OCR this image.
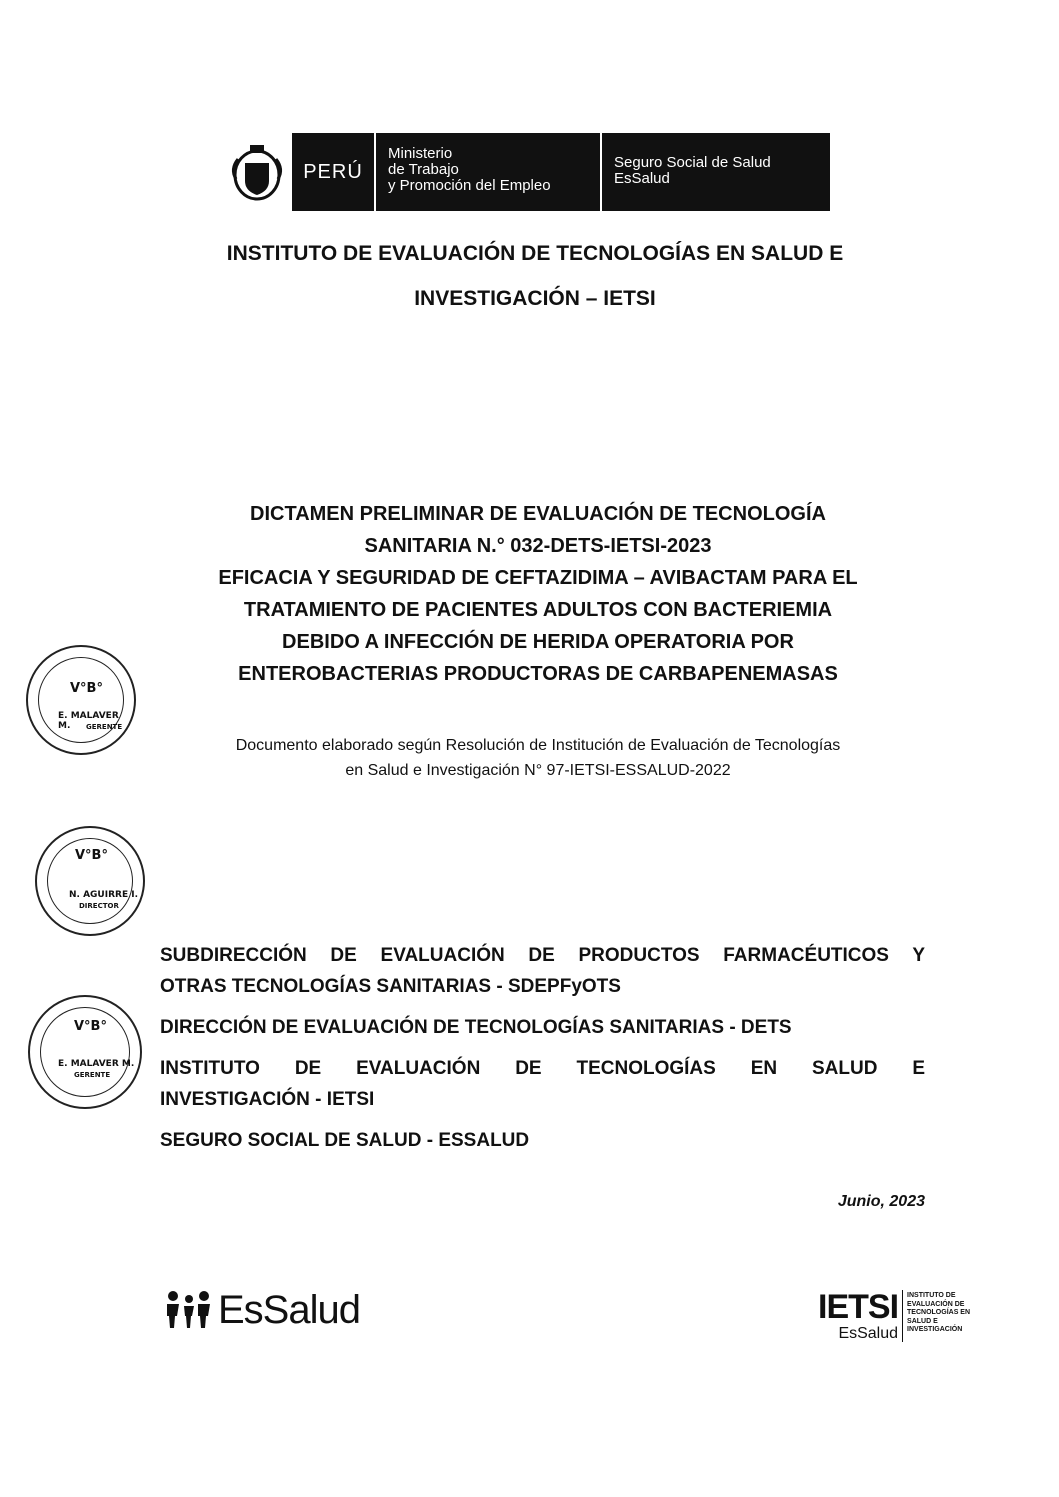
PERÚ
Ministerio
de Trabajo
y Promoción del Empleo
Seguro Social de Salud
EsSalud
INSTITUTO DE EVALUACIÓN DE TECNOLOGÍAS EN SALUD E
INVESTIGACIÓN – IETSI
DICTAMEN PRELIMINAR DE EVALUACIÓN DE TECNOLOGÍA
SANITARIA N.° 032-DETS-IETSI-2023
EFICACIA Y SEGURIDAD DE CEFTAZIDIMA – AVIBACTAM PARA EL
TRATAMIENTO DE PACIENTES ADULTOS CON BACTERIEMIA
DEBIDO A INFECCIÓN DE HERIDA OPERATORIA POR
ENTEROBACTERIAS PRODUCTORAS DE CARBAPENEMASAS
Documento elaborado según Resolución de Institución de Evaluación de Tecnologías
en Salud e Investigación N° 97-IETSI-ESSALUD-2022
V°B°
E. MALAVER M.	GERENTE
V°B°
N. AGUIRRE I.
DIRECTOR
V°B°
E. MALAVER M.
GERENTE
SUBDIRECCIÓN DE EVALUACIÓN DE PRODUCTOS FARMACÉUTICOS Y
OTRAS TECNOLOGÍAS SANITARIAS - SDEPFyOTS
DIRECCIÓN DE EVALUACIÓN DE TECNOLOGÍAS SANITARIAS - DETS
INSTITUTO DE EVALUACIÓN DE TECNOLOGÍAS EN SALUD E
INVESTIGACIÓN - IETSI
SEGURO SOCIAL DE SALUD - ESSALUD
Junio, 2023
EsSalud	IETSI
EsSalud
INSTITUTO DE
EVALUACIÓN DE
TECNOLOGÍAS EN
SALUD E
INVESTIGACIÓN
